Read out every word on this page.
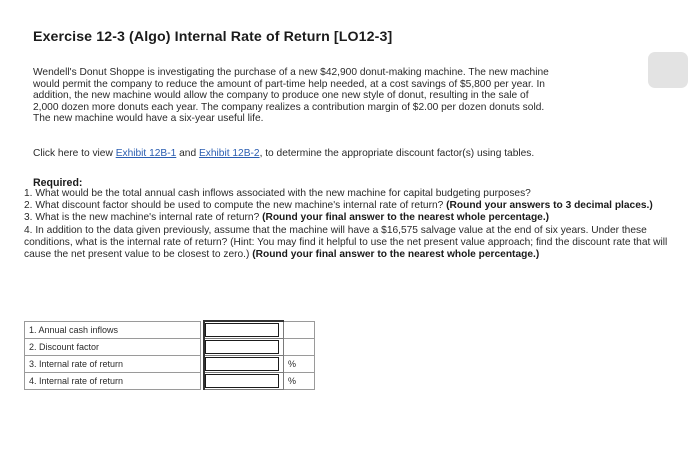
Exercise 12-3 (Algo) Internal Rate of Return [LO12-3]

Wendell's Donut Shoppe is investigating the purchase of a new $42,900 donut-making machine. The new machine

would permit the company to reduce the amount of part-time help needed, at a cost savings of $5,800 per year. In

addition, the new machine would allow the company to produce one new style of donut, resulting in the sale of

2,000 dozen more donuts each year. The company realizes a contribution margin of $2.00 per dozen donuts sold.

The new machine would have a six-year useful life.

Click here to view Exhibit 12B-1 and Exhibit 12B-2, to determine the appropriate discount factor(s) using tables.
Required:

1. What would be the total annual cash inflows associated with the new machine for capital budgeting purposes?

2. What discount factor should be used to compute the new machine's internal rate of return? (Round your answers to 3 decimal places.)

3. What is the new machine's internal rate of return? (Round your final answer to the nearest whole percentage.)

4. In addition to the data given previously, assume that the machine will have a $16,575 salvage value at the end of six years. Under these conditions, what is the internal rate of return? (Hint: You may find it helpful to use the net present value approach; find the discount rate that will cause the net present value to be closest to zero.) (Round your final answer to the nearest whole percentage.)

1. Annual cash inflows			
2. Discount factor			
3. Internal rate of return			%
4. Internal rate of return			%
